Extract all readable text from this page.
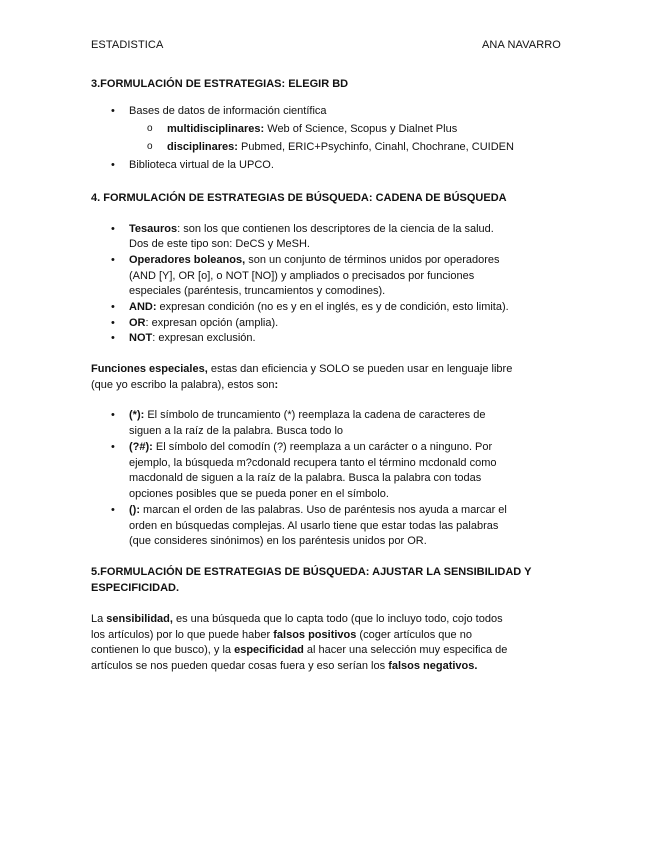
ESTADISTICA	ANA NAVARRO
3.FORMULACIÓN DE ESTRATEGIAS: ELEGIR BD
• Bases de datos de información científica
o multidisciplinares: Web of Science, Scopus y Dialnet Plus
o disciplinares: Pubmed, ERIC+Psychinfo, Cinahl, Chochrane, CUIDEN
• Biblioteca virtual de la UPCO.
4. FORMULACIÓN DE ESTRATEGIAS DE BÚSQUEDA: CADENA DE BÚSQUEDA
• Tesauros: son los que contienen los descriptores de la ciencia de la salud.
Dos de este tipo son: DeCS y MeSH.
• Operadores boleanos, son un conjunto de términos unidos por operadores
(AND [Y], OR [o], o NOT [NO]) y ampliados o precisados por funciones
especiales (paréntesis, truncamientos y comodines).
• AND: expresan condición (no es y en el inglés, es y de condición, esto limita).
• OR: expresan opción (amplia).
• NOT: expresan exclusión.
Funciones especiales, estas dan eficiencia y SOLO se pueden usar en lenguaje libre
(que yo escribo la palabra), estos son:
• (*): El símbolo de truncamiento (*) reemplaza la cadena de caracteres de
siguen a la raíz de la palabra. Busca todo lo
• (?#): El símbolo del comodín (?) reemplaza a un carácter o a ninguno. Por
ejemplo, la búsqueda m?cdonald recupera tanto el término mcdonald como
macdonald de siguen a la raíz de la palabra. Busca la palabra con todas
opciones posibles que se pueda poner en el símbolo.
• (): marcan el orden de las palabras. Uso de paréntesis nos ayuda a marcar el
orden en búsquedas complejas. Al usarlo tiene que estar todas las palabras
(que consideres sinónimos) en los paréntesis unidos por OR.
5.FORMULACIÓN DE ESTRATEGIAS DE BÚSQUEDA: AJUSTAR LA SENSIBILIDAD Y
ESPECIFICIDAD.
La sensibilidad, es una búsqueda que lo capta todo (que lo incluyo todo, cojo todos
los artículos) por lo que puede haber falsos positivos (coger artículos que no
contienen lo que busco), y la especificidad al hacer una selección muy especifica de
artículos se nos pueden quedar cosas fuera y eso serían los falsos negativos.
